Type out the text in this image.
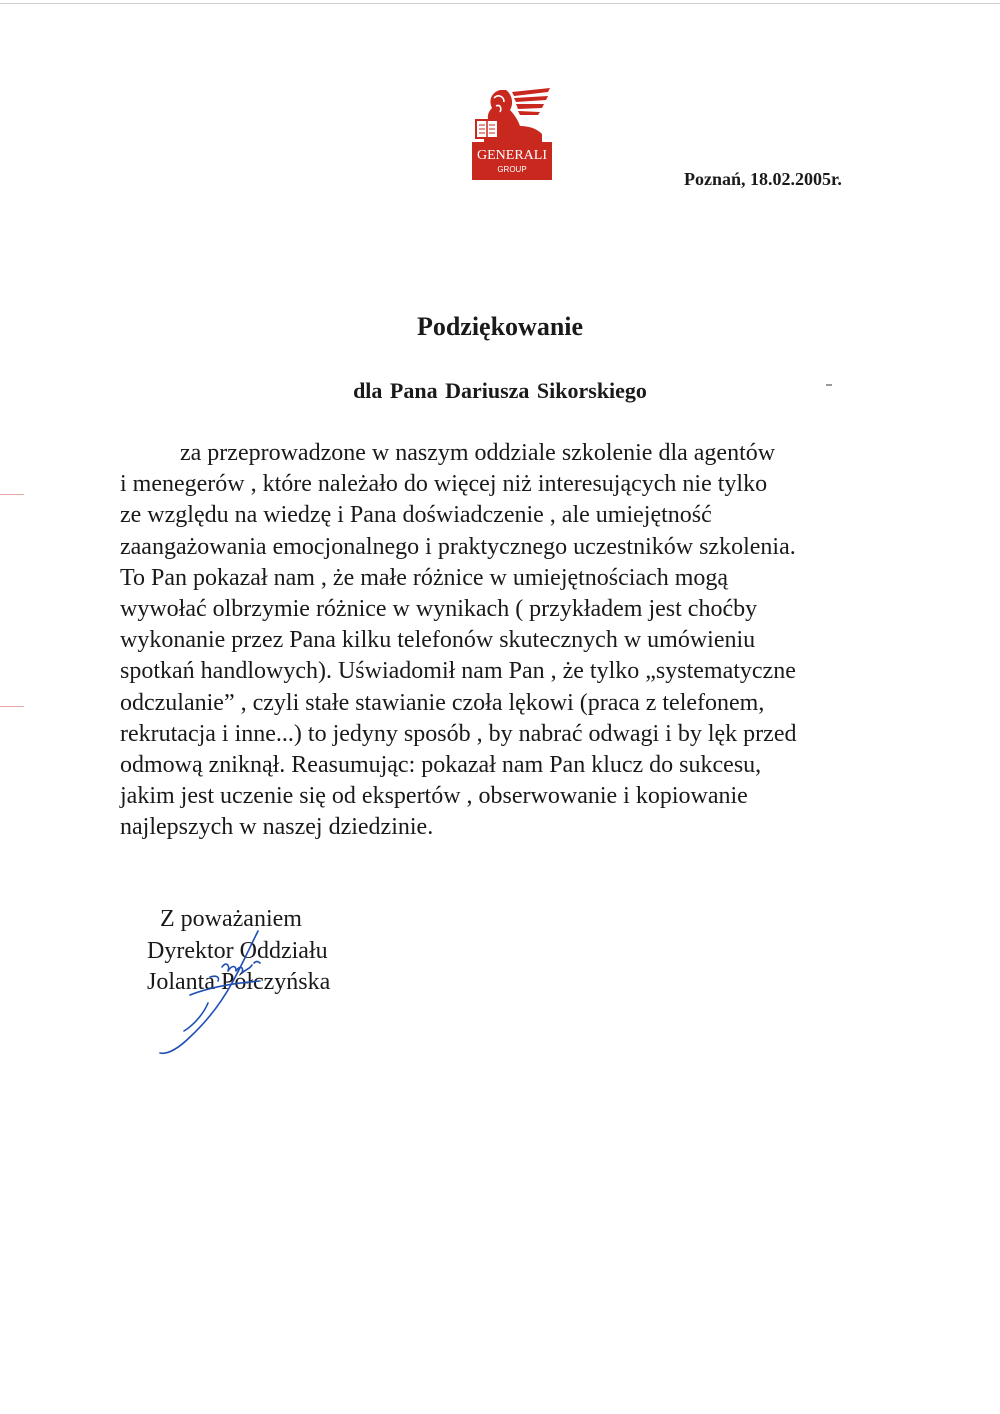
GENERALI
GROUP	Poznań, 18.02.2005r.
Podziękowanie
dla Pana Dariusza Sikorskiego
za przeprowadzone w naszym oddziale szkolenie dla agentów
i menegerów , które należało do więcej niż interesujących nie tylko
ze względu na wiedzę i Pana doświadczenie , ale umiejętność
zaangażowania emocjonalnego i praktycznego uczestników szkolenia.
To Pan pokazał nam , że małe różnice w umiejętnościach mogą
wywołać olbrzymie różnice w wynikach ( przykładem jest choćby
wykonanie przez Pana kilku telefonów skutecznych w umówieniu
spotkań handlowych). Uświadomił nam Pan , że tylko „systematyczne
odczulanie” , czyli stałe stawianie czoła lękowi (praca z telefonem,
rekrutacja i inne...) to jedyny sposób , by nabrać odwagi i by lęk przed
odmową zniknął. Reasumując: pokazał nam Pan klucz do sukcesu,
jakim jest uczenie się od ekspertów , obserwowanie i kopiowanie
najlepszych w naszej dziedzinie.
Z poważaniem
Dyrektor Oddziału
Jolanta Półczyńska
